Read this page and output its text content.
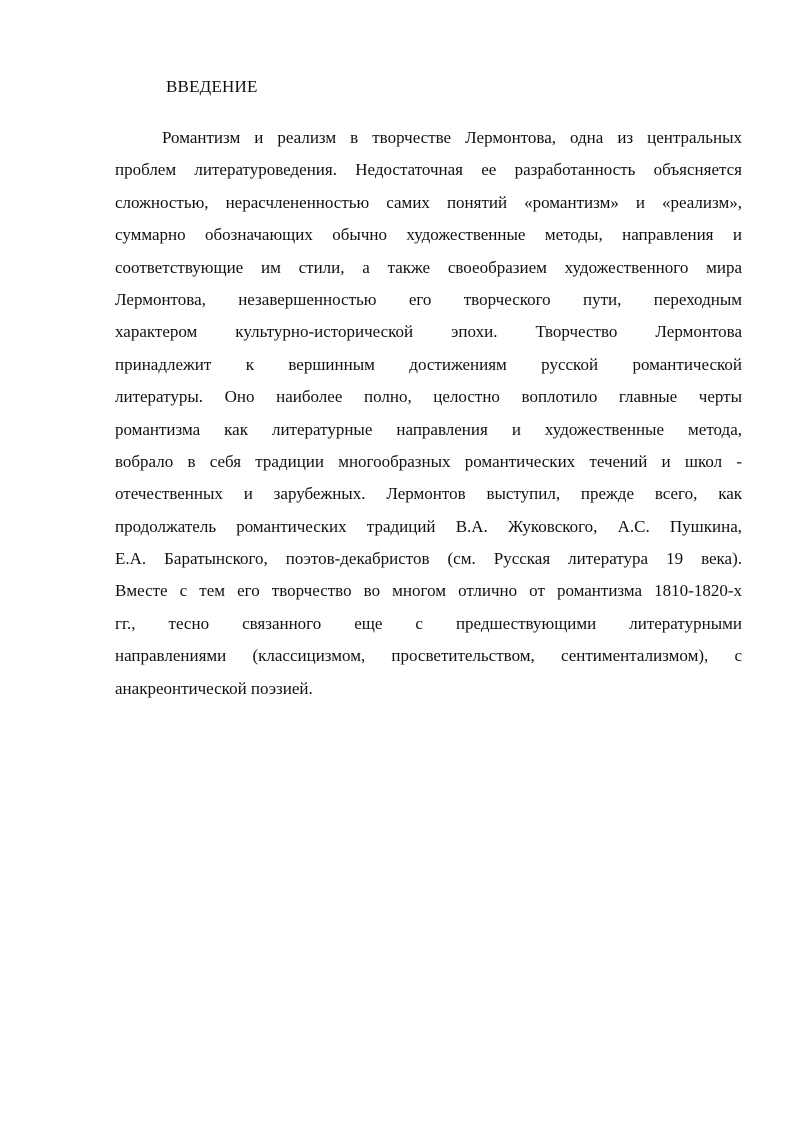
ВВЕДЕНИЕ
Романтизм и реализм в творчестве Лермонтова, одна из центральных
проблем литературоведения. Недостаточная ее разработанность объясняется
сложностью, нерасчлененностью самих понятий «романтизм» и «реализм»,
суммарно обозначающих обычно художественные методы, направления и
соответствующие им стили, а также своеобразием художественного мира
Лермонтова, незавершенностью его творческого пути, переходным
характером культурно-исторической эпохи. Творчество Лермонтова
принадлежит к вершинным достижениям русской романтической
литературы. Оно наиболее полно, целостно воплотило главные черты
романтизма как литературные направления и художественные метода,
вобрало в себя традиции многообразных романтических течений и школ -
отечественных и зарубежных. Лермонтов выступил, прежде всего, как
продолжатель романтических традиций В.А. Жуковского, А.С. Пушкина,
Е.А. Баратынского, поэтов-декабристов (см. Русская литература 19 века).
Вместе с тем его творчество во многом отлично от романтизма 1810-1820-х
гг., тесно связанного еще с предшествующими литературными
направлениями (классицизмом, просветительством, сентиментализмом), с
анакреонтической поэзией.
